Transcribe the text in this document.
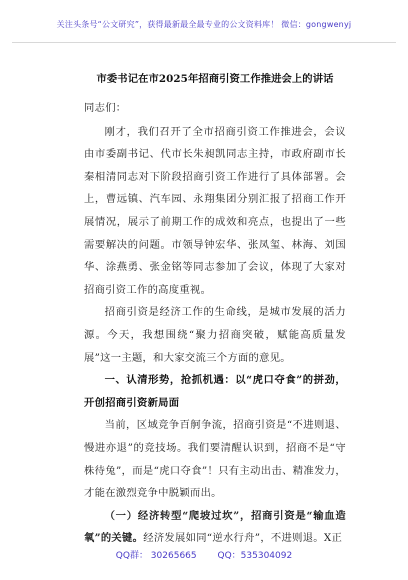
关注头条号“公文研究”，获得最新最全最专业的公文资料库！ 微信：gongwenyj
市委书记在市2025年招商引资工作推进会上的讲话

同志们：

刚才，我们召开了全市招商引资工作推进会，会议由市委副书记、代市长朱昶凯同志主持，市政府副市长秦相清同志对下阶段招商引资工作进行了具体部署。会上，曹远镇、汽车园、永翔集团分别汇报了招商工作开展情况，展示了前期工作的成效和亮点，也提出了一些需要解决的问题。市领导钟宏华、张凤玺、林海、刘国华、涂燕勇、张金铭等同志参加了会议，体现了大家对招商引资工作的高度重视。

招商引资是经济工作的生命线，是城市发展的活力源。今天，我想围绕“聚力招商突破，赋能高质量发展”这一主题，和大家交流三个方面的意见。

一、认清形势，抢抓机遇：以“虎口夺食”的拼劲，开创招商引资新局面

当前，区域竞争百舸争流，招商引资是“不进则退、慢进亦退”的竞技场。我们要清醒认识到，招商不是“守株待兔”，而是“虎口夺食”！只有主动出击、精准发力，才能在激烈竞争中脱颖而出。

（一）经济转型“爬坡过坎”，招商引资是“输血造氧”的关键。经济发展如同“逆水行舟”，不进则退。X正

QQ群： 30265665 QQ：535304092
